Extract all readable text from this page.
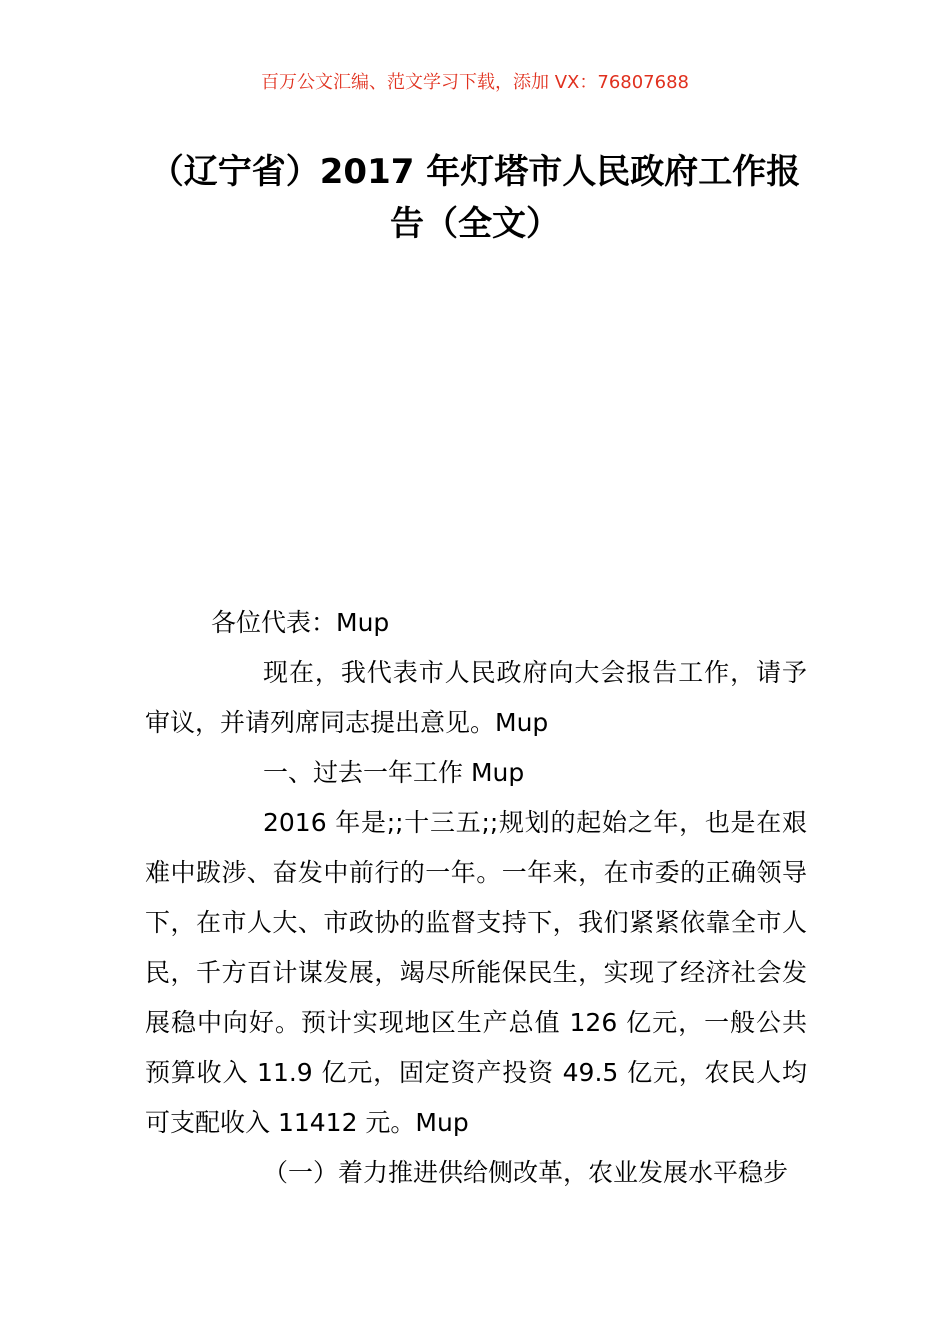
百万公文汇编、范文学习下载，添加 VX：76807688
（辽宁省）2017 年灯塔市人民政府工作报告（全文）

各位代表：Mup

现在，我代表市人民政府向大会报告工作，请予审议，并请列席同志提出意见。Mup

一、过去一年工作 Mup

2016 年是;;十三五;;规划的起始之年，也是在艰难中跋涉、奋发中前行的一年。一年来，在市委的正确领导下，在市人大、市政协的监督支持下，我们紧紧依靠全市人民，千方百计谋发展，竭尽所能保民生，实现了经济社会发展稳中向好。预计实现地区生产总值 126 亿元，一般公共预算收入 11.9 亿元，固定资产投资 49.5 亿元，农民人均可支配收入 11412 元。Mup

（一）着力推进供给侧改革，农业发展水平稳步
